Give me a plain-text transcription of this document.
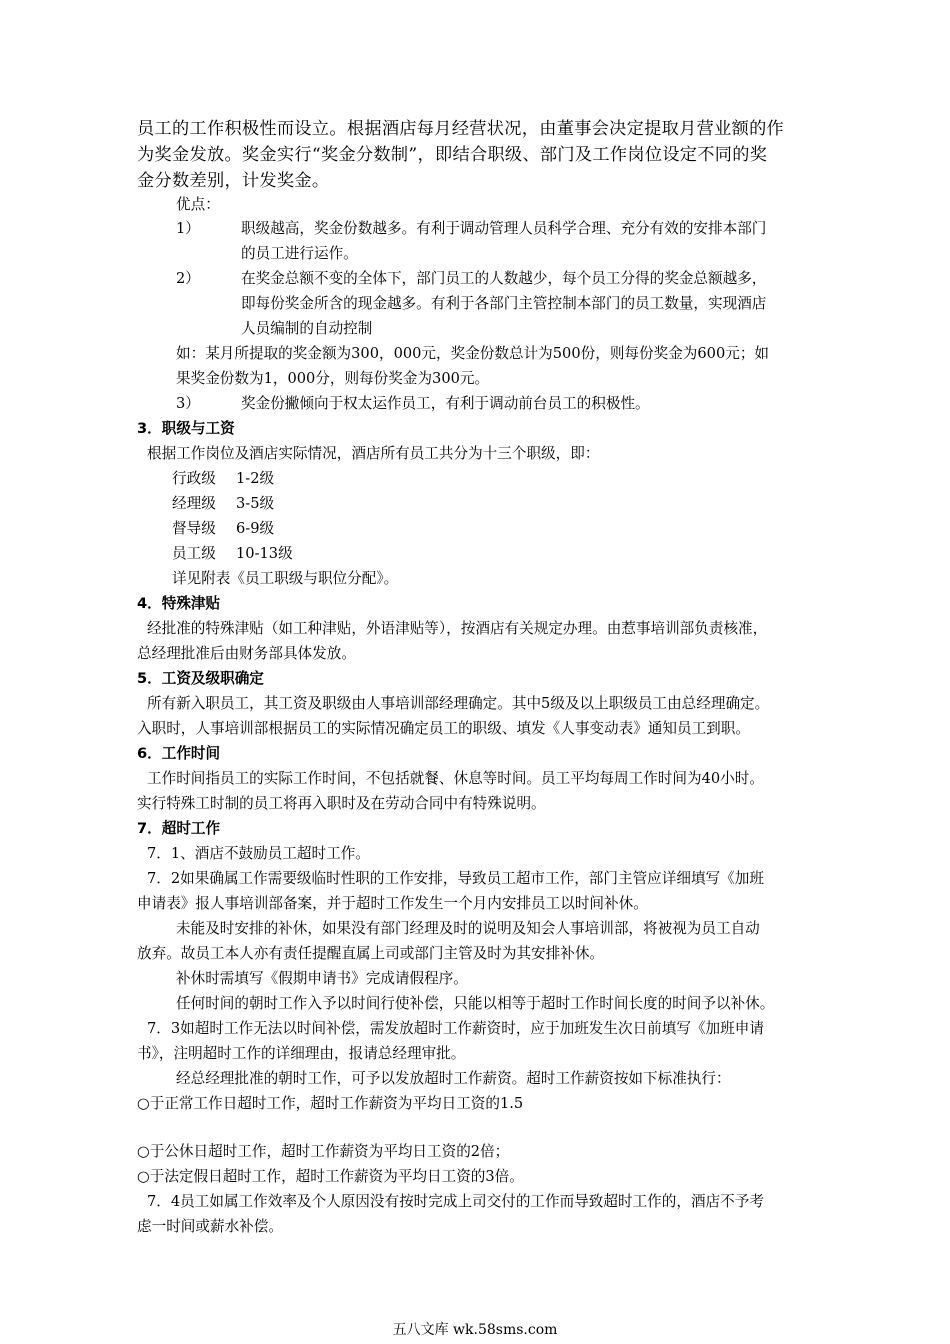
员工的工作积极性而设立。根据酒店每月经营状况，由董事会决定提取月营业额的作
为奖金发放。奖金实行“奖金分数制”，即结合职级、部门及工作岗位设定不同的奖
金分数差别，计发奖金。
优点：
1）	职级越高，奖金份数越多。有利于调动管理人员科学合理、充分有效的安排本部门
的员工进行运作。
2）	在奖金总额不变的全体下，部门员工的人数越少，每个员工分得的奖金总额越多，
即每份奖金所含的现金越多。有利于各部门主管控制本部门的员工数量，实现酒店
人员编制的自动控制
如：某月所提取的奖金额为300，000元，奖金份数总计为500份，则每份奖金为600元；如
果奖金份数为1，000分，则每份奖金为300元。
3）	奖金份撇倾向于权太运作员工，有利于调动前台员工的积极性。
3．职级与工资
根据工作岗位及酒店实际情况，酒店所有员工共分为十三个职级，即：
行政级 1-2级
经理级 3-5级
督导级 6-9级
员工级 10-13级
详见附表《员工职级与职位分配》。
4．特殊津贴
经批准的特殊津贴（如工种津贴，外语津贴等），按酒店有关规定办理。由惹事培训部负责核准，
总经理批准后由财务部具体发放。
5．工资及级职确定
所有新入职员工，其工资及职级由人事培训部经理确定。其中5级及以上职级员工由总经理确定。
入职时，人事培训部根据员工的实际情况确定员工的职级、填发《人事变动表》通知员工到职。
6．工作时间
工作时间指员工的实际工作时间，不包括就餐、休息等时间。员工平均每周工作时间为40小时。
实行特殊工时制的员工将再入职时及在劳动合同中有特殊说明。
7．超时工作
7．1、酒店不鼓励员工超时工作。
7．2如果确属工作需要级临时性职的工作安排，导致员工超市工作，部门主管应详细填写《加班
申请表》报人事培训部备案，并于超时工作发生一个月内安排员工以时间补休。
未能及时安排的补休，如果没有部门经理及时的说明及知会人事培训部，将被视为员工自动
放弃。故员工本人亦有责任提醒直属上司或部门主管及时为其安排补休。
补休时需填写《假期申请书》完成请假程序。
任何时间的朝时工作入予以时间行使补偿，只能以相等于超时工作时间长度的时间予以补休。
7．3如超时工作无法以时间补偿，需发放超时工作薪资时，应于加班发生次日前填写《加班申请
书》，注明超时工作的详细理由，报请总经理审批。
经总经理批准的朝时工作，可予以发放超时工作薪资。超时工作薪资按如下标准执行：
○于正常工作日超时工作，超时工作薪资为平均日工资的1.5
○于公休日超时工作，超时工作薪资为平均日工资的2倍；
○于法定假日超时工作，超时工作薪资为平均日工资的3倍。
7．4员工如属工作效率及个人原因没有按时完成上司交付的工作而导致超时工作的，酒店不予考
虑一时间或薪水补偿。
五八文库 wk.58sms.com
